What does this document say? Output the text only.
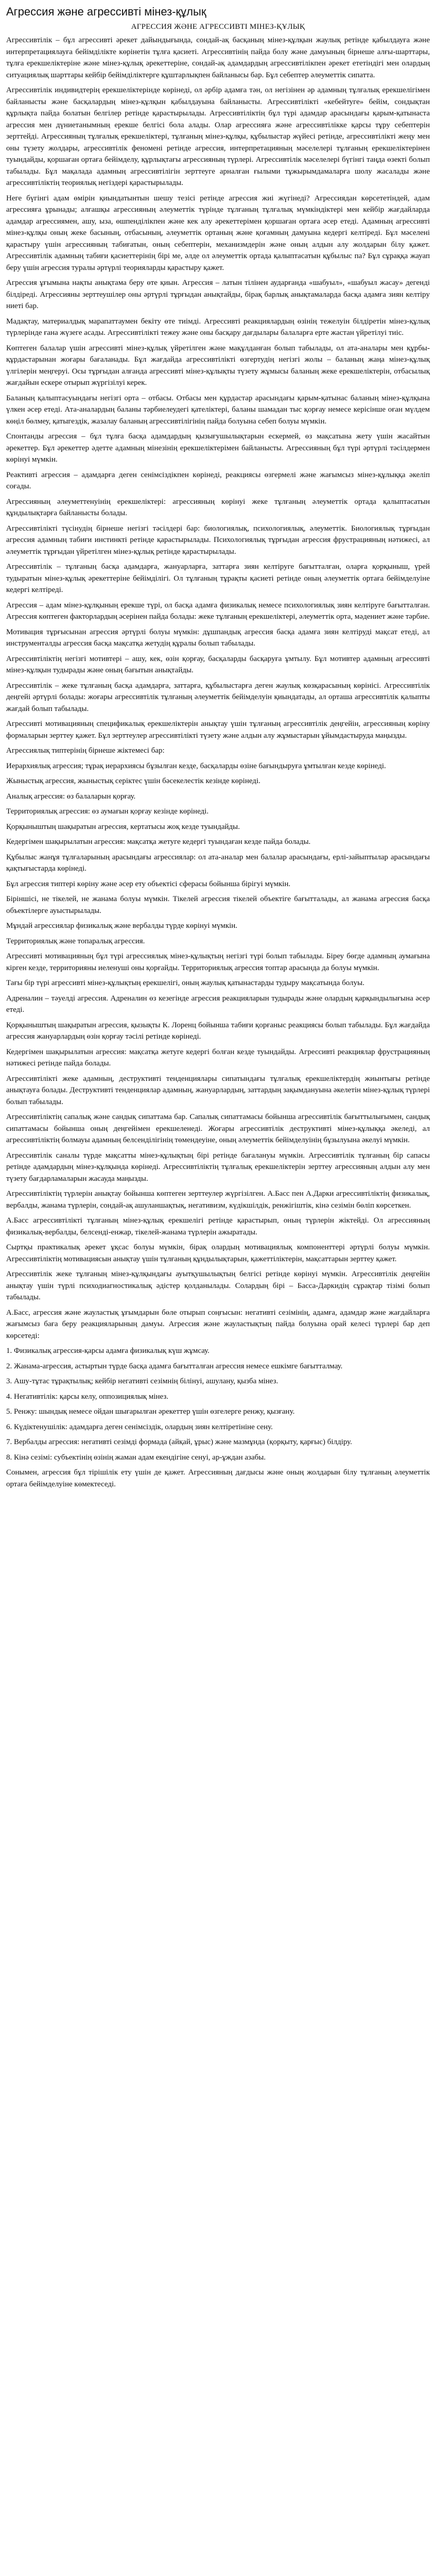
Агрессия және агрессивті мінез-құлық
АГРЕССИЯ ЖӘНЕ АГРЕССИВТІ МІНЕЗ-ҚҰЛЫҚ

Агрессивтілік – бұл агрессивті әрекет дайындығында, сондай-ақ басқаның мінез-құлқын жаулық ретінде қабылдауға және интерпретациялауға бейімділікте көрінетін тұлға қасиеті. Агрессивтінің пайда болу және дамуының бірнеше алғы-шарттары, тұлға ерекшеліктеріне және мінез-құлық әрекеттеріне, сондай-ақ адамдардың агрессивтілікпен әрекет ететіндігі мен олардың ситуациялық шарттары кейбір бейімділіктерге құштарлықпен байланысы бар. Бұл себептер әлеуметтік сипатта.

Агрессивтілік индивидтерің ерекшеліктерінде көрінеді, ол әрбір адамға тән, ол негізінен әр адамның тұлғалық ерекшелігімен байланысты және басқалардың мінез-құлқын қабылдауына байланысты. Агрессивтілікті «кебейтуге» бейім, сондықтан құрлықта пайда болатын белгілер ретінде қарастырылады. Агрессивтіліктің бұл түрі адамдар арасындағы қарым-қатынаста агрессия мен дүниетанымның ерекше белгісі бола алады. Олар агрессияға және агрессивтілікке қарсы тұру себептерін зерттейді. Агрессияның тұлғалық ерекшеліктері, тұлғаның мінез-құлқы, құбылыстар жүйесі ретінде, агрессивтілікті жеңу мен оны түзету жолдары, агрессивтілік феномені ретінде агрессия, интерпретацияның мәселелері тұлғаның ерекшеліктерінен туындайды, қоршаған ортаға бейімделу, құрлықтағы агрессияның түрлері. Агрессивтілік мәселелері бүгінгі таңда өзекті болып табылады. Бұл мақалада адамның агрессивтілігін зерттеуге арналған ғылыми тұжырымдамаларға шолу жасалады және агрессивтіліктің теориялық негіздері қарастырылады.

Неге бүгінгі адам өмірін қиындатынтын шешу тезісі ретінде агрессия жиі жүгінеді? Агрессиядан көрсететіндей, адам агрессияға ұрынады; алғашқы агрессияның әлеуметтік түрінде тұлғаның тұлғалық мүмкіндіктері мен кейбір жағдайларда адамдар агрессиямен, ашу, ыза, өшпенділікпен және кек алу әрекеттерімен қоршаған ортаға әсер етеді. Адамның агрессивті мінез-құлқы оның жеке басының, отбасының, әлеуметтік ортаның және қоғамның дамуына кедергі келтіреді. Бұл мәселені қарастыру үшін агрессияның табиғатын, оның себептерін, механизмдерін және оның алдын алу жолдарын білу қажет. Агрессивтілік адамның табиғи қасиеттерінің бірі ме, әлде ол әлеуметтік ортада қалыптасатын құбылыс па? Бұл сұраққа жауап беру үшін агрессия туралы әртүрлі теорияларды қарастыру қажет.

Агрессия ұғымына нақты анықтама беру өте қиын. Агрессия – латын тілінен аударғанда «шабуыл», «шабуыл жасау» дегенді білдіреді. Агрессияны зерттеушілер оны әртүрлі тұрғыдан анықтайды, бірақ барлық анықтамаларда басқа адамға зиян келтіру ниеті бар.

Мадақтау, материалдық марапаттаумен бекіту өте тиімді. Агрессивті реакциялардың өзінің тежелуін білдіретін мінез-құлық түрлерінде ғана жүзеге асады. Агрессивтілікті тежеу және оны басқару дағдылары балаларға ерте жастан үйретілуі тиіс.

Көптеген балалар үшін агрессивті мінез-құлық үйретілген және мақұлданған болып табылады, ол ата-аналары мен құрбы-құрдастарынан жоғары бағаланады. Бұл жағдайда агрессивтілікті өзгертудің негізгі жолы – баланың жаңа мінез-құлық үлгілерін меңгеруі. Осы тұрғыдан алғанда агрессивті мінез-құлықты түзету жұмысы баланың жеке ерекшеліктерін, отбасылық жағдайын ескере отырып жүргізілуі керек.

Баланың қалыптасуындағы негізгі орта – отбасы. Отбасы мен құрдастар арасындағы қарым-қатынас баланың мінез-құлқына үлкен әсер етеді. Ата-аналардың баланы тәрбиелеудегі қателіктері, баланы шамадан тыс қорғау немесе керісінше оған мүлдем көңіл бөлмеу, қатыгездік, жазалау баланың агрессивтілігінің пайда болуына себеп болуы мүмкін.

Спонтанды агрессия – бұл тұлға басқа адамдардың қызығушылықтарын ескермей, өз мақсатына жету үшін жасайтын әрекеттер. Бұл әрекеттер әдетте адамның мінезінің ерекшеліктерімен байланысты. Агрессияның бұл түрі әртүрлі тәсілдермен көрінуі мүмкін.

Реактивті агрессия – адамдарға деген сенімсіздікпен көрінеді, реакциясы өзгермелі және жағымсыз мінез-құлыққа әкеліп соғады.

Агрессияның әлеуметтенуінің ерекшеліктері: агрессияның көрінуі жеке тұлғаның әлеуметтік ортада қалыптасатын құндылықтарға байланысты болады.

Агрессивтілікті түсінудің бірнеше негізгі тәсілдері бар: биологиялық, психологиялық, әлеуметтік. Биологиялық тұрғыдан агрессия адамның табиғи инстинкті ретінде қарастырылады. Психологиялық тұрғыдан агрессия фрустрацияның нәтижесі, ал әлеуметтік тұрғыдан үйретілген мінез-құлық ретінде қарастырылады.

Агрессивтілік – тұлғаның басқа адамдарға, жануарларға, заттарға зиян келтіруге бағытталған, оларға қорқыныш, үрей тудыратын мінез-құлық әрекеттеріне бейімділігі. Ол тұлғаның тұрақты қасиеті ретінде оның әлеуметтік ортаға бейімделуіне кедергі келтіреді.

Агрессия – адам мінез-құлқының ерекше түрі, ол басқа адамға физикалық немесе психологиялық зиян келтіруге бағытталған. Агрессия көптеген факторлардың әсерінен пайда болады: жеке тұлғаның ерекшеліктері, әлеуметтік орта, мәдениет және тәрбие.

Мотивация тұрғысынан агрессия әртүрлі болуы мүмкін: дұшпандық агрессия басқа адамға зиян келтіруді мақсат етеді, ал инструменталды агрессия басқа мақсатқа жетудің құралы болып табылады.

Агрессивтіліктің негізгі мотивтері – ашу, кек, өзін қорғау, басқаларды басқаруға ұмтылу. Бұл мотивтер адамның агрессивті мінез-құлқын тудырады және оның бағытын анықтайды.

Агрессивтілік – жеке тұлғаның басқа адамдарға, заттарға, құбылыстарға деген жаулық көзқарасының көрінісі. Агрессивтілік деңгейі әртүрлі болады: жоғары агрессивтілік тұлғаның әлеуметтік бейімделуін қиындатады, ал орташа агрессивтілік қалыпты жағдай болып табылады.

Агрессивті мотивацияның спецификалық ерекшеліктерін анықтау үшін тұлғаның агрессивтілік деңгейін, агрессияның көріну формаларын зерттеу қажет. Бұл зерттеулер агрессивтілікті түзету және алдын алу жұмыстарын ұйымдастыруда маңызды.

Агрессиялық типтерінің бірнеше жіктемесі бар:

Иерархиялық агрессия; тұрақ иерархиясы бұзылған кезде, басқаларды өзіне бағындыруға ұмтылған кезде көрінеді.

Жыныстық агрессия, жыныстық серіктес үшін бәсекелестік кезінде көрінеді.

Аналық агрессия: өз балаларын қорғау.

Территориялық агрессия: өз аумағын қорғау кезінде көрінеді.

Қорқыныштың шақыратын агрессия, кертатысы жоқ кезде туындайды.

Кедергімен шақырылатын агрессия: мақсатқа жетуге кедергі туындаған кезде пайда болады.

Құбылыс жанұя тұлғаларының арасындағы агрессиялар: ол ата-аналар мен балалар арасындағы, ерлі-зайыптылар арасындағы қақтығыстарда көрінеді.

Бұл агрессия типтері көріну және әсер ету объектісі сферасы бойынша бірігуі мүмкін.

Біріншісі, не тікелей, не жанама болуы мүмкін. Тікелей агрессия тікелей объектіге бағытталады, ал жанама агрессия басқа объектілерге ауыстырылады.

Мұндай агрессиялар физикалық және вербалды түрде көрінуі мүмкін.

Территориялық және топаралық агрессия.

Агрессивті мотивацияның бұл түрі агрессиялық мінез-құлықтың негізгі түрі болып табылады. Біреу бөгде адамның аумағына кірген кезде, территорияны иеленуші оны қорғайды. Территориялық агрессия топтар арасында да болуы мүмкін.

Тағы бір түрі агрессивті мінез-құлықтың ерекшелігі, оның жаулық қатынастарды тудыру мақсатында болуы.

Адреналин – тәуелді агрессия. Адреналин өз кезегінде агрессия реакцияларын тудырады және олардың қарқындылығына әсер етеді.

Қорқыныштың шақыратын агрессия, қызықты К. Лоренц бойынша табиғи қорғаныс реакциясы болып табылады. Бұл жағдайда агрессия жануарлардың өзін қорғау тәсілі ретінде көрінеді.

Кедергімен шақырылатын агрессия: мақсатқа жетуге кедергі болған кезде туындайды. Агрессивті реакциялар фрустрацияның нәтижесі ретінде пайда болады.

Агрессивтілікті жеке адамның, деструктивті тенденциялары сипатындағы тұлғалық ерекшеліктердің жиынтығы ретінде анықтауға болады. Деструктивті тенденциялар адамның, жануарлардың, заттардың зақымдануына әкелетін мінез-құлық түрлері болып табылады.

Агрессивтіліктің сапалық және сандық сипаттама бар. Сапалық сипаттамасы бойынша агрессивтілік бағыттылығымен, сандық сипаттамасы бойынша оның деңгейімен ерекшеленеді. Жоғары агрессивтілік деструктивті мінез-құлыққа әкеледі, ал агрессивтіліктің болмауы адамның белсенділігінің төмендеуіне, оның әлеуметтік бейімделуінің бұзылуына әкелуі мүмкін.

Агрессивтілік саналы түрде мақсатты мінез-құлықтың бірі ретінде бағалануы мүмкін. Агрессивтілік тұлғаның бір сапасы ретінде адамдардың мінез-құлқында көрінеді. Агрессивтіліктің тұлғалық ерекшеліктерін зерттеу агрессияның алдын алу мен түзету бағдарламаларын жасауда маңызды.

Агрессивтіліктің түрлерін анықтау бойынша көптеген зерттеулер жүргізілген. А.Басс пен А.Дарки агрессивтіліктің физикалық, вербалды, жанама түрлерін, сондай-ақ ашуланшақтық, негативизм, күдікшілдік, ренжігіштік, кінә сезімін бөліп көрсеткен.

А.Басс агрессивтілікті тұлғаның мінез-құлық ерекшелігі ретінде қарастырып, оның түрлерін жіктейді. Ол агрессияның физикалық-вербалды, белсенді-енжар, тікелей-жанама түрлерін ажыратады.

Сыртқы практикалық әрекет ұқсас болуы мүмкін, бірақ олардың мотивациялық компоненттері әртүрлі болуы мүмкін. Агрессивтіліктің мотивациясын анықтау үшін тұлғаның құндылықтарын, қажеттіліктерін, мақсаттарын зерттеу қажет.

Агрессивтілік жеке тұлғаның мінез-құлқындағы ауытқушылықтың белгісі ретінде көрінуі мүмкін. Агрессивтілік деңгейін анықтау үшін түрлі психодиагностикалық әдістер қолданылады. Солардың бірі – Басса-Даркидің сұрақтар тізімі болып табылады.

А.Басс, агрессия және жауластық ұғымдарын бөле отырып соңғысын: негативті сезімінің, адамға, адамдар және жағдайларға жағымсыз баға беру реакцияларының дамуы. Агрессия және жауластықтың пайда болуына орай келесі түрлері бар деп көрсетеді:

1. Физикалық агрессия-қарсы адамға физикалық күш жұмсау.

2. Жанама-агрессия, астыртын түрде басқа адамға бағытталған агрессия немесе ешкімге бағытталмау.

3. Ашу-тұтас тұрақтылық; кейбір негативті сезімнің білінуі, ашулану, қызба мінез.

4. Негативтілік: қарсы келу, оппозициялық мінез.

5. Ренжу: шындық немесе ойдан шығарылған әрекеттер үшін өзгелерге ренжу, қызғану.

6. Күдіктенушілік: адамдарға деген сенімсіздік, олардың зиян келтіретініне сену.

7. Вербалды агрессия: негативті сезімді формада (айқай, ұрыс) және мазмұнда (қорқыту, қарғыс) білдіру.

8. Кінә сезімі: субъектінің өзінің жаман адам екендігіне сенуі, ар-ұждан азабы.

Сонымен, агрессия бұл тірішілік ету үшін де қажет. Агрессияның дағдысы және оның жолдарын білу тұлғаның әлеуметтік ортаға бейімделуіне көмектеседі.
